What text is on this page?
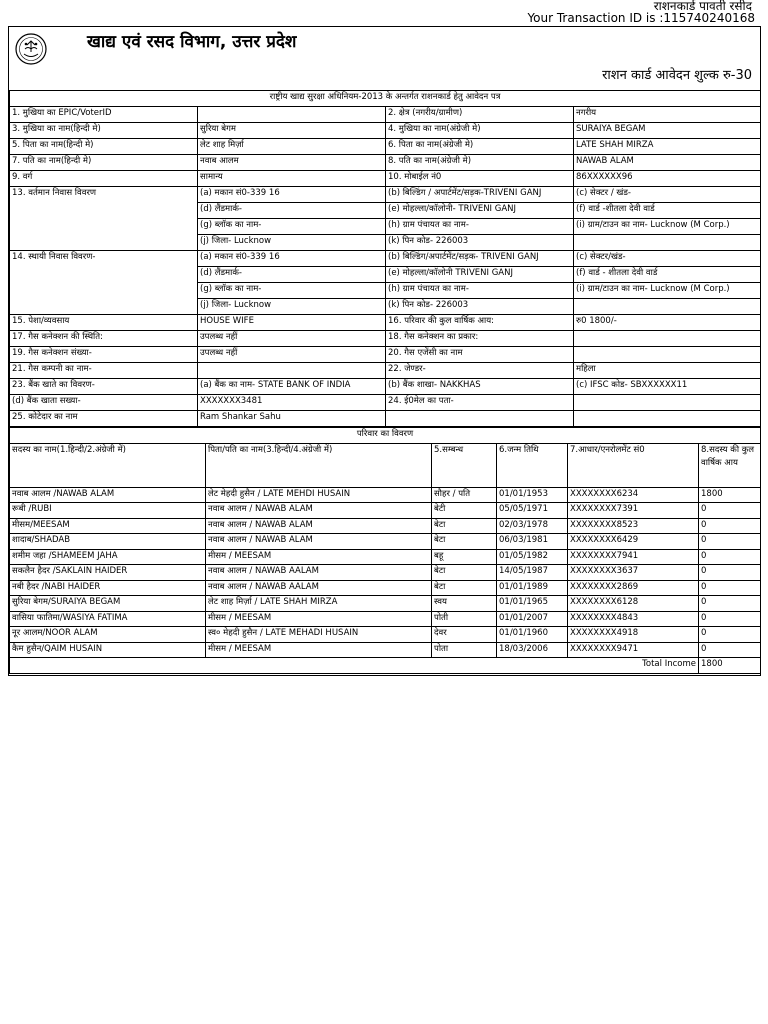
राशनकार्ड पावती रसीद
Your Transaction ID is :115740240168
खाद्य एवं रसद विभाग, उत्तर प्रदेश
राशन कार्ड आवेदन शुल्क रु-30
राष्ट्रीय खाद्य सुरक्षा अधिनियम-2013 के अन्तर्गत राशनकार्ड हेतु आवेदन पत्र			
1. मुखिया का EPIC/VoterID		2. क्षेत्र (नगरीय/ग्रामीण)	नगरीय
3. मुखिया का नाम(हिन्दी मे)	सुरिया बेगम	4. मुखिया का नाम(अंग्रेजी मे)	SURAIYA BEGAM
5. पिता का नाम(हिन्दी मे)	लेट शाह मिर्ज़ा	6. पिता का नाम(अंग्रेजी मे)	LATE SHAH MIRZA
7. पति का नाम(हिन्दी मे)	नवाब आलम	8. पति का नाम(अंग्रेजी मे)	NAWAB ALAM
9. वर्ग	सामान्य	10. मोबाईल नं0	86XXXXXX96
13. वर्तमान निवास विवरण	(a) मकान सं0-339 16	(b) बिल्डिंग / अपार्टमेंट/सड़क-TRIVENI GANJ	(c) सेक्टर / खंड-
	(d) लैंडमार्क-	(e) मोहल्ला/कॉलोनी- TRIVENI GANJ	(f) वार्ड -शीतला देवी वार्ड
	(g) ब्लॉक का नाम-	(h) ग्राम पंचायत का नाम-	(i) ग्राम/टाउन का नाम- Lucknow (M Corp.)
	(j) जिला- Lucknow	(k) पिन कोड- 226003	
14. स्थायी निवास विवरण-	(a) मकान सं0-339 16	(b) बिल्डिंग/अपार्टमेंट/सड़क- TRIVENI GANJ	(c) सेक्टर/खंड-
	(d) लैंडमार्क-	(e) मोहल्ला/कॉलोनी TRIVENI GANJ	(f) वार्ड - शीतला देवी वार्ड
	(g) ब्लॉक का नाम-	(h) ग्राम पंचायत का नाम-	(i) ग्राम/टाउन का नाम- Lucknow (M Corp.)
	(j) जिला- Lucknow	(k) पिन कोड- 226003	
15. पेशा/व्यवसाय	HOUSE WIFE	16. परिवार की कुल वार्षिक आय:	रु0 1800/-
17. गैस कनेक्शन की स्थिति:	उपलब्ध नहीं	18. गैस कनेक्शन का प्रकार:	
19. गैस कनेक्शन संख्या-	उपलब्ध नहीं	20. गैस एजेंसी का नाम	
21. गैस कम्पनी का नाम-		22. जेण्डर-	महिला
23. बैंक खाते का विवरण-	(a) बैंक का नाम- STATE BANK OF INDIA	(b) बैंक शाखा- NAKKHAS	(c) IFSC कोड- SBXXXXXX11
(d) बैंक खाता सख्या-	XXXXXXX3481	24. ई0मेल का पता-	
25. कोटेदार का नाम	Ram Shankar Sahu		
परिवार का विवरण					
सदस्य का नाम(1.हिन्दी/2.अंग्रेजी में)	पिता/पति का नाम(3.हिन्दी/4.अंग्रेजी में)	5.सम्बन्ध	6.जन्म तिथि	7.आधार/एनरोलमेंट सं0	8.सदस्य की कुल वार्षिक आय
नवाब आलम /NAWAB ALAM	लेट मेहदी हुसैन / LATE MEHDI HUSAIN	सौहर / पति	01/01/1953	XXXXXXXX6234	1800
रूबी /RUBI	नवाब आलम / NAWAB ALAM	बेटी	05/05/1971	XXXXXXXX7391	0
मीसम/MEESAM	नवाब आलम / NAWAB ALAM	बेटा	02/03/1978	XXXXXXXX8523	0
शादाब/SHADAB	नवाब आलम / NAWAB ALAM	बेटा	06/03/1981	XXXXXXXX6429	0
शमीम जहा /SHAMEEM JAHA	मीसम / MEESAM	बहू	01/05/1982	XXXXXXXX7941	0
सकलैन हैदर /SAKLAIN HAIDER	नवाब आलम / NAWAB AALAM	बेटा	14/05/1987	XXXXXXXX3637	0
नबी हैदर /NABI HAIDER	नवाब आलम / NAWAB AALAM	बेटा	01/01/1989	XXXXXXXX2869	0
सुरिया बेगम/SURAIYA BEGAM	लेट शाह मिर्ज़ा / LATE SHAH MIRZA	स्वय	01/01/1965	XXXXXXXX6128	0
वासिया फातिमा/WASIYA FATIMA	मीसम / MEESAM	पोती	01/01/2007	XXXXXXXX4843	0
नूर आलम/NOOR ALAM	स्व० मेहदी हुसैन / LATE MEHADI HUSAIN	देवर	01/01/1960	XXXXXXXX4918	0
कैम हुसैन/QAIM HUSAIN	मीसम / MEESAM	पोता	18/03/2006	XXXXXXXX9471	0
Total Income					1800
